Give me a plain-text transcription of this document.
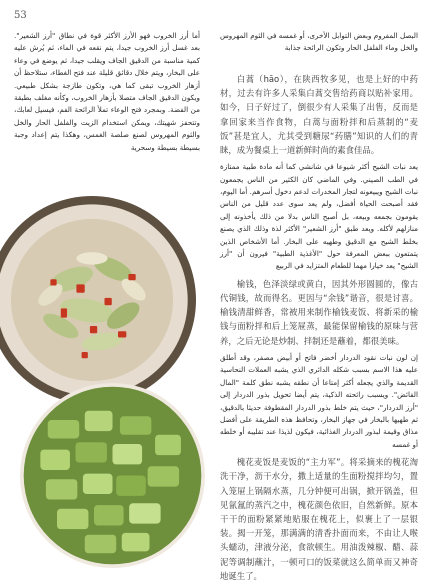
53
أما أرز الخروب فهو الأرز الأكثر قوة في نطاق "أرز الشعير". بعد غسل أرز الخروب جيدا، يتم نقعه في الماء، ثم يُرش عليه كمية مناسبة من الدقيق الجاف ويقلب جيدا، ثم يوضع في وعاء على البخار، ويتم خلال دقائق قليلة عند فتح الغطاء، ستلاحظ أن أزهار الخروب تبقى كما هي، وتكون طازجة بشكل طبيعي. ويكون الدقيق الجاف متصلا بأزهار الخروب، وكأنه مغلف بطبقة من الفضة. وبمجرد فتح الوعاء تملأ الرائحة الفم، فيسيل لعابك، وتتحفز شهيتك، ويمكن استخدام الزيت والفلفل الحار والخل والثوم المهروس لصنع صلصة الغمس، وهكذا يتم إعداد وجبة بسيطة بسيطة وسحرية

البصل المفروم وبعض التوابل الأخرى، أو غمسه في الثوم المهروس والخل وماء الفلفل الحار وتكون الرائحة جذابة

白蒿（hāo），在陕西牧多见，也是上好的中药材，过去有许多人采集白蒿交售给药商以贴补家用。如今，日子好过了，倒很少有人采集了出售，反而是拿回家来当作食物，白蒿与面粉拌和后蒸制的“麦饭”甚是宜人，尤其受到糖尿“药膳”知识的人们的青睐，成为餐桌上一道新鲜时尚的素食佳品。

يعد نبات الشيح أكثر شيوعا في شانشي كما أنه مادة طبية ممتازة في الطب الصيني. وفي الماضي كان الكثير من الناس يجمعون نبات الشيح ويبيعونه لتجار المخدرات لدعم دخول أسرهم. أما اليوم، فقد أصبحت الحياة أفضل، ولم يعد سوى عدد قليل من الناس يقومون بجمعه وبيعه، بل أصبح الناس بدلا من ذلك يأخذونه إلى منازلهم لأكله. ويعد طبق "أرز الشعير" الأكثر لذة وذلك الذي يصنع بخلط الشيح مع الدقيق وطهيه على البخار. أما الأشخاص الذين يتمتعون ببعض المعرفة حول "الأغذية الطبية" فيرون أن "أرز الشيح" يعد خيارا مهما للطعام المتزايد في الربيع

榆钱，色泽淡绿或黄白，因其外形圆圆的，像古代铜钱，故而得名。更因与“余钱”谐音，很是讨喜。榆钱清甜鲜香，常被用来制作榆钱麦饭、将新采的榆钱与面粉拌和后上笼屉蒸，最能保留榆钱的原味与营养，之后无论是炒制、拌制还是蘸着，都很美味。

إن لون نبات نقود الدردار أخضر فاتح أو أبيض مصفر، وقد أطلق عليه هذا الاسم بسبب شكله الدائري الذي يشبه العملات النحاسية القديمة والذي يجعله أكثر إمتاعا أن نطقه يشبه نطق كلمة "المال الفائض". ويسبب رائحته الذكية، يتم أيضا تحويل بذور الدردار إلى "أرز الدردار"، حيث يتم خلط بذور الدردار المقطوفة حديثا بالدقيق، ثم طهيها بالبخار في جهاز البخار، وتحافظ هذه الطريقة على أفضل مذاق وقيمة لبذور الدردار الغذائية، فيكون لذيذا عند تقليبه أو خلطه أو غمسه

槐花麦饭是麦饭的“主力军”。将采摘来的槐花淘洗干净，沥干水分，撒上适量的生面粉搅拌均匀，置入笼屉上锅隔水蒸，几分钟便可出锅，掀开锅盖，但见氤氲的蒸汽之中，槐花颜色依旧，自然新鲜。原本干干的面粉紧紧地贴服在槐花上，似裹上了一层银装。揭一开笼，那满满的清香扑面而来，不由让人喉头蠕动，津液分泌，食欲顿生。用油泼辣椒、醋、蒜泥等调制蘸汁，一顿可口的饭菜就这么简单而又神奇地诞生了。
